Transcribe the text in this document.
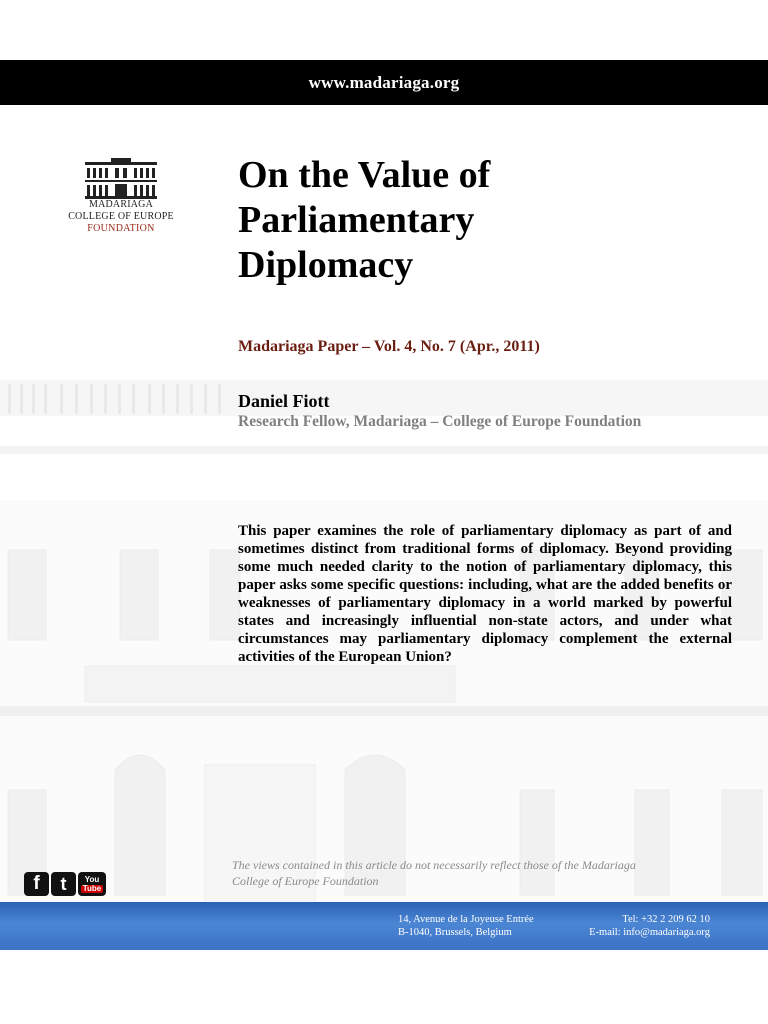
www.madariaga.org
MADARIAGA
COLLEGE OF EUROPE
FOUNDATION
On the Value of
Parliamentary
Diplomacy
Madariaga Paper – Vol. 4, No. 7 (Apr., 2011)
Daniel Fiott
Research Fellow, Madariaga – College of Europe Foundation
This paper examines the role of parliamentary diplomacy as part of and sometimes distinct from traditional forms of diplomacy. Beyond providing some much needed clarity to the notion of parliamentary diplomacy, this paper asks some specific questions: including, what are the added benefits or weaknesses of parliamentary diplomacy in a world marked by powerful states and increasingly influential non-state actors, and under what circumstances may parliamentary diplomacy complement the external activities of the European Union?
f	t	You
Tube
The views contained in this article do not necessarily reflect those of the Madariaga
College of Europe Foundation
14, Avenue de la Joyeuse Entrée
B-1040, Brussels, Belgium
Tel: +32 2 209 62 10
E-mail: info@madariaga.org
